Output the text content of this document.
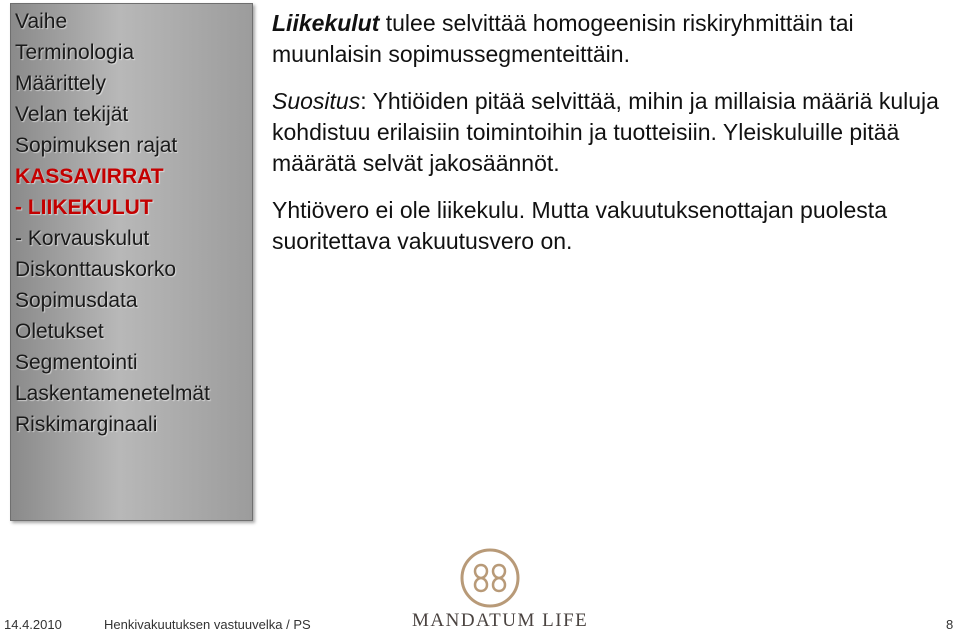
Vaihe
Terminologia
Määrittely
Velan tekijät
Sopimuksen rajat
KASSAVIRRAT
- LIIKEKULUT
- Korvauskulut
Diskonttauskorko
Sopimusdata
Oletukset
Segmentointi
Laskentamenetelmät
Riskimarginaali

Liikekulut tulee selvittää homogeenisin riskiryhmittäin tai muunlaisin sopimussegmenteittäin.

Suositus: Yhtiöiden pitää selvittää, mihin ja millaisia määriä kuluja kohdistuu erilaisiin toimintoihin ja tuotteisiin. Yleiskuluille pitää määrätä selvät jakosäännöt.

Yhtiövero ei ole liikekulu. Mutta vakuutuksenottajan puolesta suoritettava vakuutusvero on.

MANDATUM LIFE
14.4.2010	Henkivakuutuksen vastuuvelka / PS	8
